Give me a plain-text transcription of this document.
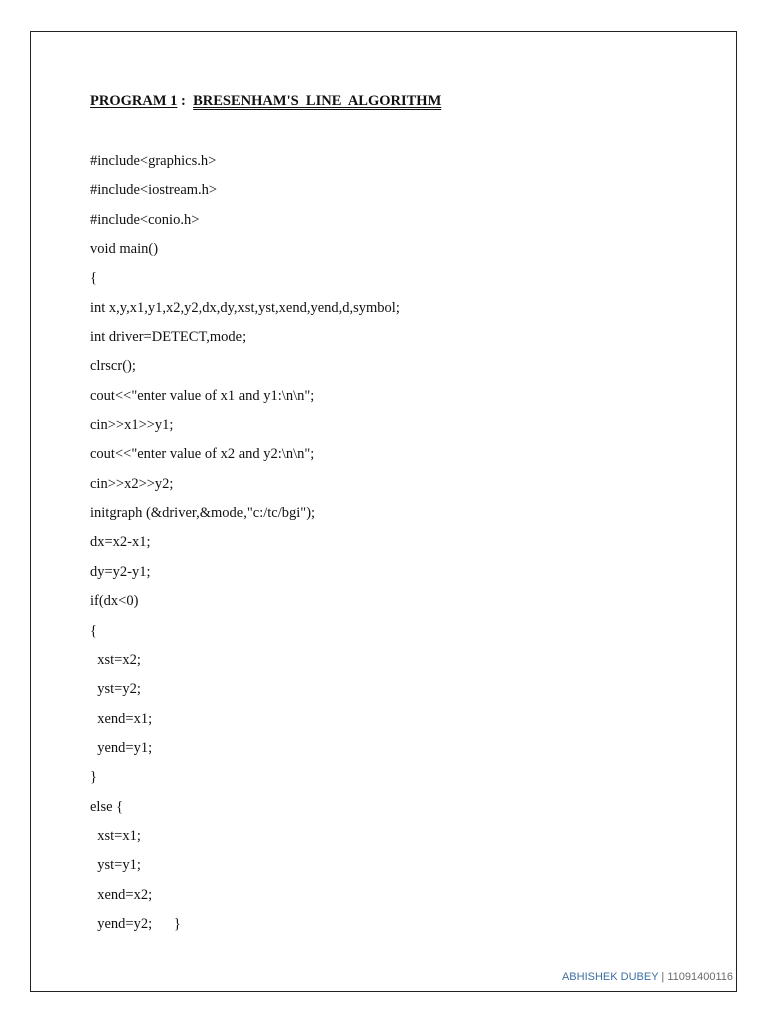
PROGRAM 1 : BRESENHAM'S  LINE  ALGORITHM
#include<graphics.h>
#include<iostream.h>
#include<conio.h>
void main()
{
int x,y,x1,y1,x2,y2,dx,dy,xst,yst,xend,yend,d,symbol;
int driver=DETECT,mode;
clrscr();
cout<<"enter value of x1 and y1:\n\n";
cin>>x1>>y1;
cout<<"enter value of x2 and y2:\n\n";
cin>>x2>>y2;
initgraph (&driver,&mode,"c:/tc/bgi");
dx=x2-x1;
dy=y2-y1;
if(dx<0)
{
xst=x2;
yst=y2;
xend=x1;
yend=y1;
}
else {
xst=x1;
yst=y1;
xend=x2;
yend=y2;      }
ABHISHEK DUBEY | 11091400116
